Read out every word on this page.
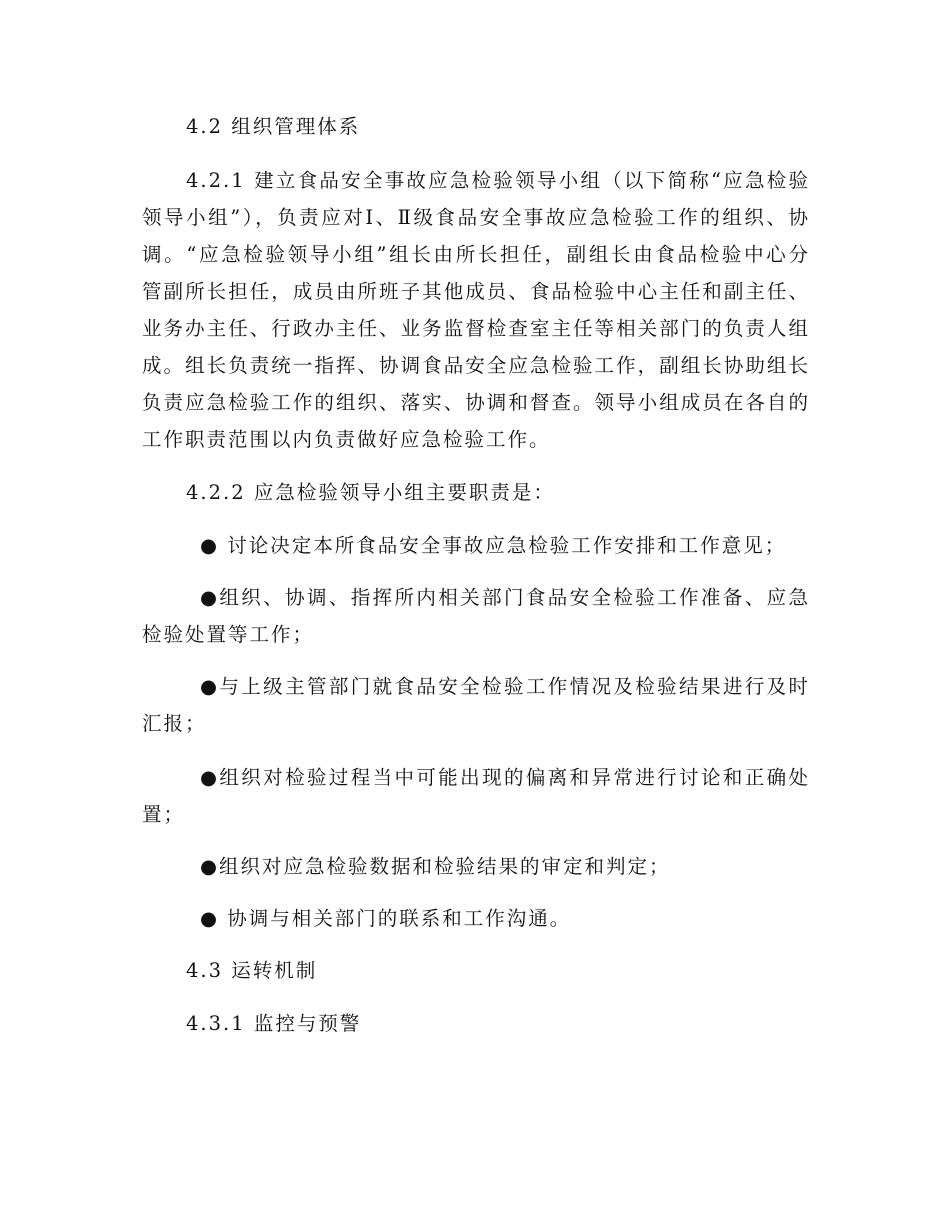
4.2 组织管理体系

4.2.1 建立食品安全事故应急检验领导小组（以下简称“应急检验领导小组”），负责应对Ⅰ、Ⅱ级食品安全事故应急检验工作的组织、协调。“应急检验领导小组”组长由所长担任，副组长由食品检验中心分管副所长担任，成员由所班子其他成员、食品检验中心主任和副主任、业务办主任、行政办主任、业务监督检查室主任等相关部门的负责人组成。组长负责统一指挥、协调食品安全应急检验工作，副组长协助组长负责应急检验工作的组织、落实、协调和督查。领导小组成员在各自的工作职责范围以内负责做好应急检验工作。

4.2.2 应急检验领导小组主要职责是：

● 讨论决定本所食品安全事故应急检验工作安排和工作意见；

●组织、协调、指挥所内相关部门食品安全检验工作准备、应急检验处置等工作；

●与上级主管部门就食品安全检验工作情况及检验结果进行及时汇报；

●组织对检验过程当中可能出现的偏离和异常进行讨论和正确处置；

●组织对应急检验数据和检验结果的审定和判定；

● 协调与相关部门的联系和工作沟通。

4.3 运转机制

4.3.1 监控与预警
